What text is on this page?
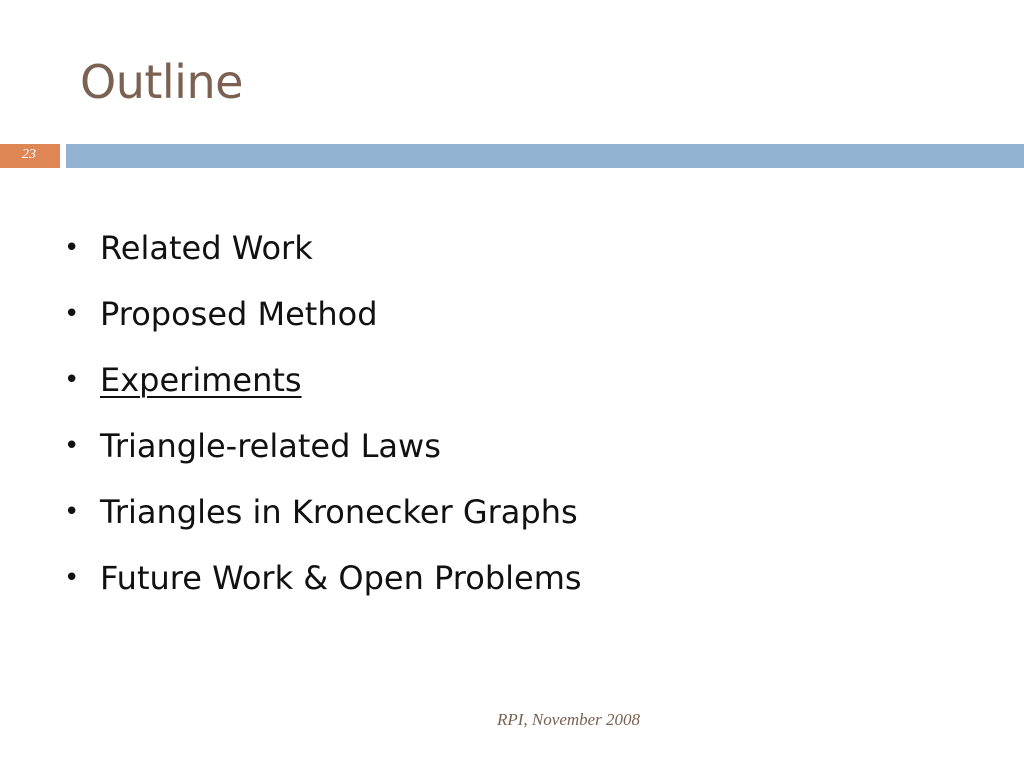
Outline
23
• Related Work
• Proposed Method
• Experiments
• Triangle-related Laws
• Triangles in Kronecker Graphs
• Future Work & Open Problems
RPI, November 2008
